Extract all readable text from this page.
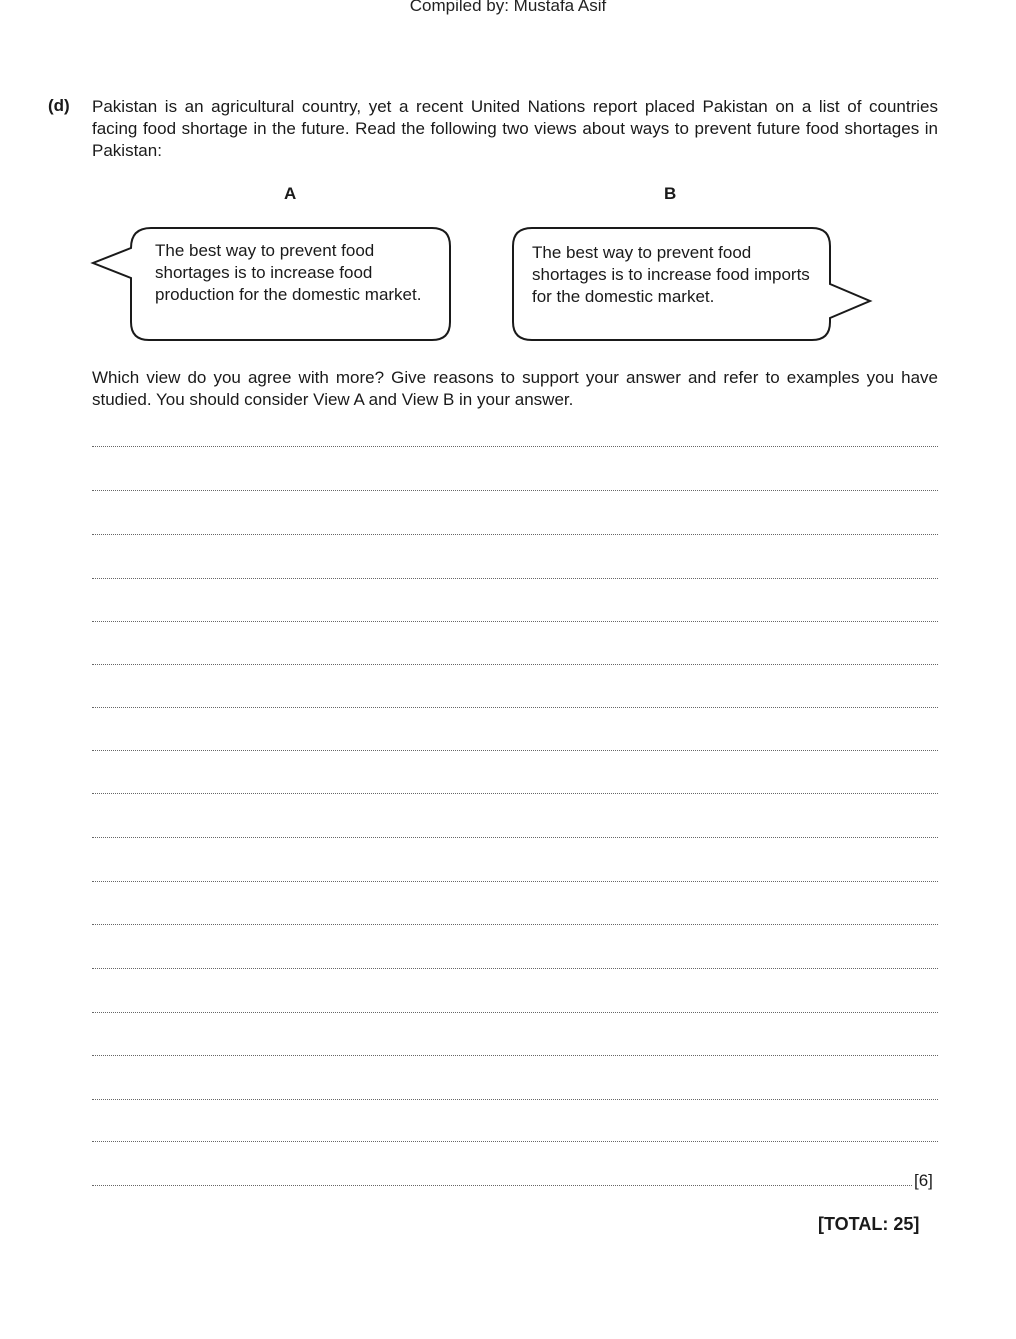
Compiled by: Mustafa Asif
(d) Pakistan is an agricultural country, yet a recent United Nations report placed Pakistan on a list of countries facing food shortage in the future. Read the following two views about ways to prevent future food shortages in Pakistan:
A	B
The best way to prevent food shortages is to increase food production for the domestic market.
The best way to prevent food shortages is to increase food imports for the domestic market.
Which view do you agree with more? Give reasons to support your answer and refer to examples you have studied. You should consider View A and View B in your answer.
[6]
[TOTAL: 25]
